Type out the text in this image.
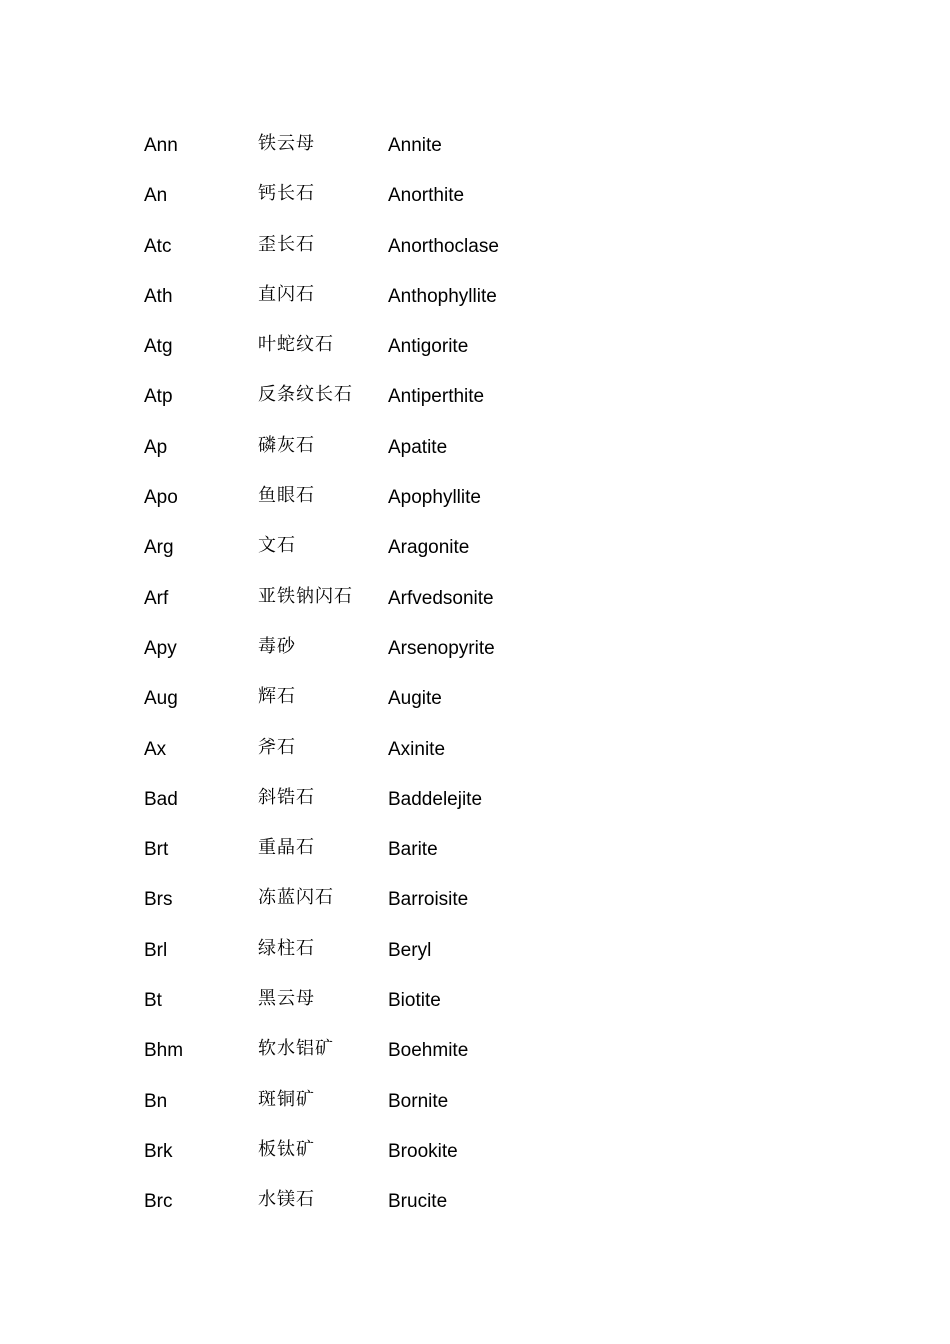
Ann	铁云母	Annite
An	钙长石	Anorthite
Atc	歪长石	Anorthoclase
Ath	直闪石	Anthophyllite
Atg	叶蛇纹石	Antigorite
Atp	反条纹长石 Antiperthite
Ap	磷灰石	Apatite
Apo	鱼眼石	Apophyllite
Arg	文石	Aragonite
Arf	亚铁钠闪石 Arfvedsonite
Apy	毒砂	Arsenopyrite
Aug	辉石	Augite
Ax	斧石	Axinite
Bad	斜锆石	Baddelejite
Brt	重晶石	Barite
Brs	冻蓝闪石	Barroisite
Brl	绿柱石	Beryl
Bt	黑云母	Biotite
Bhm	软水铝矿	Boehmite
Bn	斑铜矿	Bornite
Brk	板钛矿	Brookite
Brc	水镁石	Brucite
